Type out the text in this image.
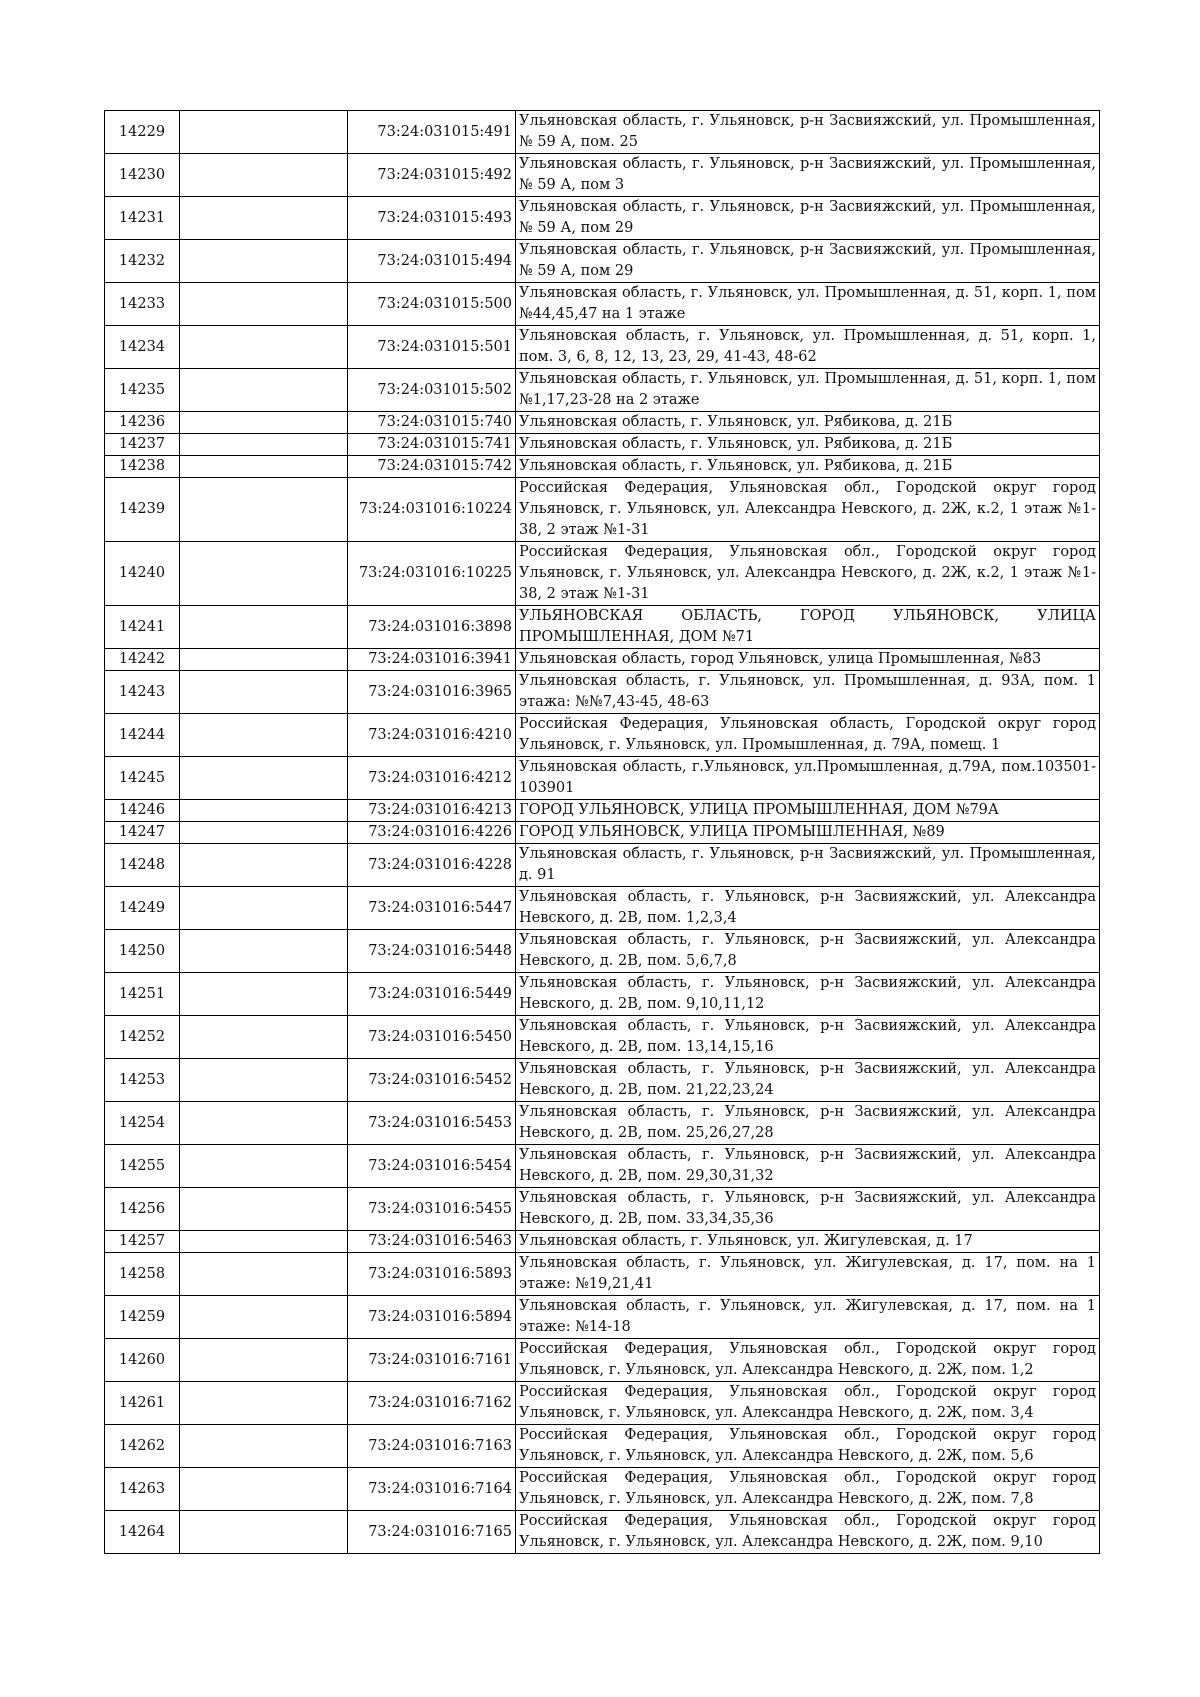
14229		73:24:031015:491	Ульяновская область, г. Ульяновск, р-н Засвияжский, ул. Промышленная, № 59 А, пом. 25
14230		73:24:031015:492	Ульяновская область, г. Ульяновск, р-н Засвияжский, ул. Промышленная, № 59 А, пом 3
14231		73:24:031015:493	Ульяновская область, г. Ульяновск, р-н Засвияжский, ул. Промышленная, № 59 А, пом 29
14232		73:24:031015:494	Ульяновская область, г. Ульяновск, р-н Засвияжский, ул. Промышленная, № 59 А, пом 29
14233		73:24:031015:500	Ульяновская область, г. Ульяновск, ул. Промышленная, д. 51, корп. 1, пом №44,45,47 на 1 этаже
14234		73:24:031015:501	Ульяновская область, г. Ульяновск, ул. Промышленная, д. 51, корп. 1, пом. 3, 6, 8, 12, 13, 23, 29, 41-43, 48-62
14235		73:24:031015:502	Ульяновская область, г. Ульяновск, ул. Промышленная, д. 51, корп. 1, пом №1,17,23-28 на 2 этаже
14236		73:24:031015:740	Ульяновская область, г. Ульяновск, ул. Рябикова, д. 21Б
14237		73:24:031015:741	Ульяновская область, г. Ульяновск, ул. Рябикова, д. 21Б
14238		73:24:031015:742	Ульяновская область, г. Ульяновск, ул. Рябикова, д. 21Б
14239		73:24:031016:10224	Российская Федерация, Ульяновская обл., Городской округ город Ульяновск, г. Ульяновск, ул. Александра Невского, д. 2Ж, к.2, 1 этаж №1-38, 2 этаж №1-31
14240		73:24:031016:10225	Российская Федерация, Ульяновская обл., Городской округ город Ульяновск, г. Ульяновск, ул. Александра Невского, д. 2Ж, к.2, 1 этаж №1-38, 2 этаж №1-31
14241		73:24:031016:3898	УЛЬЯНОВСКАЯ ОБЛАСТЬ, ГОРОД УЛЬЯНОВСК, УЛИЦА ПРОМЫШЛЕННАЯ, ДОМ №71
14242		73:24:031016:3941	Ульяновская область, город Ульяновск, улица Промышленная, №83
14243		73:24:031016:3965	Ульяновская область, г. Ульяновск, ул. Промышленная, д. 93А, пом. 1 этажа: №№7,43-45, 48-63
14244		73:24:031016:4210	Российская Федерация, Ульяновская область, Городской округ город Ульяновск, г. Ульяновск, ул. Промышленная, д. 79А, помещ. 1
14245		73:24:031016:4212	Ульяновская область, г.Ульяновск, ул.Промышленная, д.79А, пом.103501-103901
14246		73:24:031016:4213	ГОРОД УЛЬЯНОВСК, УЛИЦА ПРОМЫШЛЕННАЯ, ДОМ №79А
14247		73:24:031016:4226	ГОРОД УЛЬЯНОВСК, УЛИЦА ПРОМЫШЛЕННАЯ, №89
14248		73:24:031016:4228	Ульяновская область, г. Ульяновск, р-н Засвияжский, ул. Промышленная, д. 91
14249		73:24:031016:5447	Ульяновская область, г. Ульяновск, р-н Засвияжский, ул. Александра Невского, д. 2В, пом. 1,2,3,4
14250		73:24:031016:5448	Ульяновская область, г. Ульяновск, р-н Засвияжский, ул. Александра Невского, д. 2В, пом. 5,6,7,8
14251		73:24:031016:5449	Ульяновская область, г. Ульяновск, р-н Засвияжский, ул. Александра Невского, д. 2В, пом. 9,10,11,12
14252		73:24:031016:5450	Ульяновская область, г. Ульяновск, р-н Засвияжский, ул. Александра Невского, д. 2В, пом. 13,14,15,16
14253		73:24:031016:5452	Ульяновская область, г. Ульяновск, р-н Засвияжский, ул. Александра Невского, д. 2В, пом. 21,22,23,24
14254		73:24:031016:5453	Ульяновская область, г. Ульяновск, р-н Засвияжский, ул. Александра Невского, д. 2В, пом. 25,26,27,28
14255		73:24:031016:5454	Ульяновская область, г. Ульяновск, р-н Засвияжский, ул. Александра Невского, д. 2В, пом. 29,30,31,32
14256		73:24:031016:5455	Ульяновская область, г. Ульяновск, р-н Засвияжский, ул. Александра Невского, д. 2В, пом. 33,34,35,36
14257		73:24:031016:5463	Ульяновская область, г. Ульяновск, ул. Жигулевская, д. 17
14258		73:24:031016:5893	Ульяновская область, г. Ульяновск, ул. Жигулевская, д. 17, пом. на 1 этаже: №19,21,41
14259		73:24:031016:5894	Ульяновская область, г. Ульяновск, ул. Жигулевская, д. 17, пом. на 1 этаже: №14-18
14260		73:24:031016:7161	Российская Федерация, Ульяновская обл., Городской округ город Ульяновск, г. Ульяновск, ул. Александра Невского, д. 2Ж, пом. 1,2
14261		73:24:031016:7162	Российская Федерация, Ульяновская обл., Городской округ город Ульяновск, г. Ульяновск, ул. Александра Невского, д. 2Ж, пом. 3,4
14262		73:24:031016:7163	Российская Федерация, Ульяновская обл., Городской округ город Ульяновск, г. Ульяновск, ул. Александра Невского, д. 2Ж, пом. 5,6
14263		73:24:031016:7164	Российская Федерация, Ульяновская обл., Городской округ город Ульяновск, г. Ульяновск, ул. Александра Невского, д. 2Ж, пом. 7,8
14264		73:24:031016:7165	Российская Федерация, Ульяновская обл., Городской округ город Ульяновск, г. Ульяновск, ул. Александра Невского, д. 2Ж, пом. 9,10
